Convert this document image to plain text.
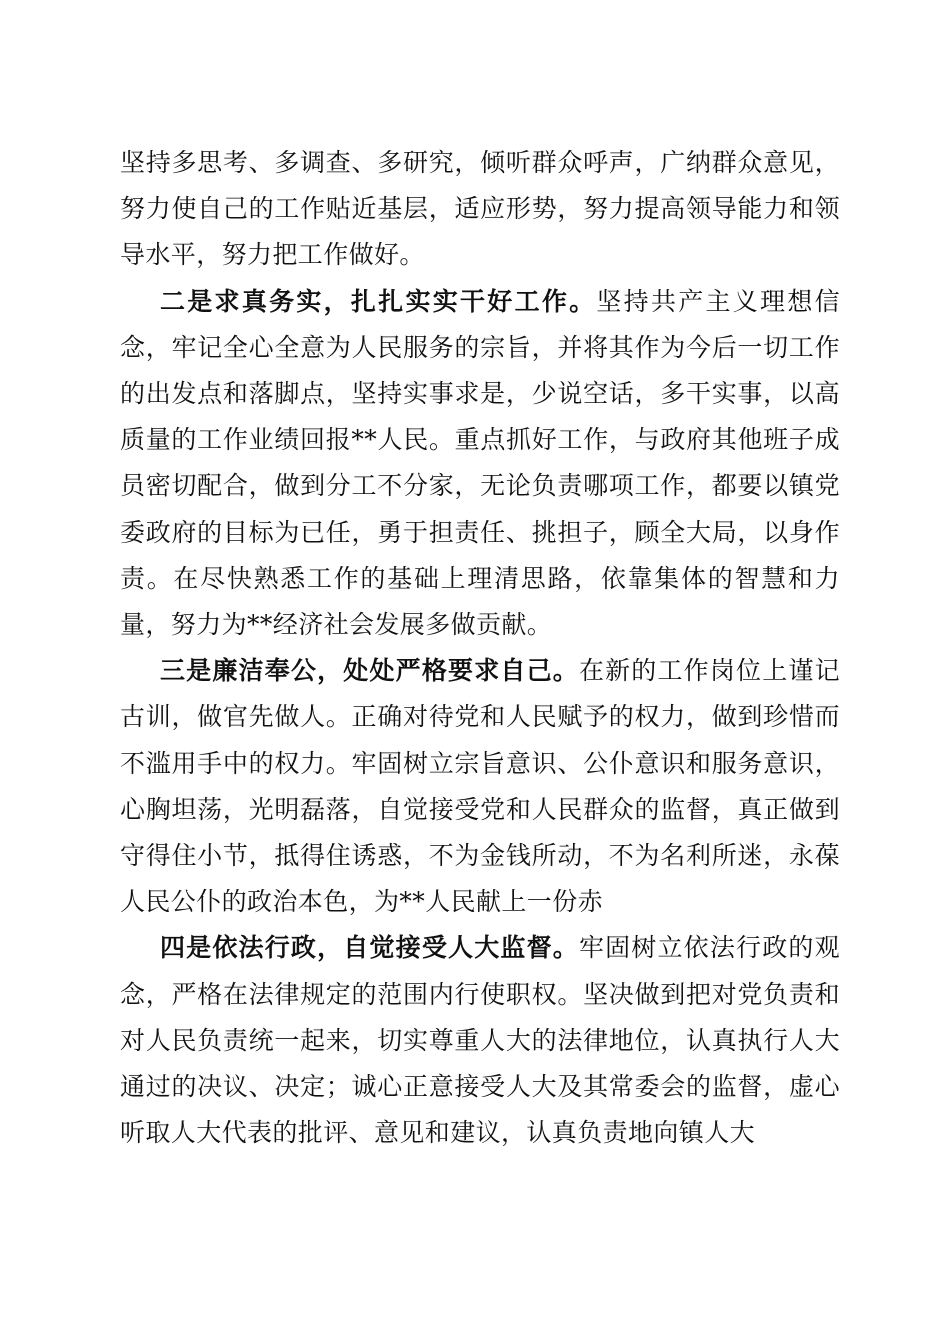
坚持多思考、多调查、多研究，倾听群众呼声，广纳群众意见，努力使自己的工作贴近基层，适应形势，努力提高领导能力和领导水平，努力把工作做好。

二是求真务实，扎扎实实干好工作。坚持共产主义理想信念，牢记全心全意为人民服务的宗旨，并将其作为今后一切工作的出发点和落脚点，坚持实事求是，少说空话，多干实事，以高质量的工作业绩回报**人民。重点抓好工作，与政府其他班子成员密切配合，做到分工不分家，无论负责哪项工作，都要以镇党委政府的目标为已任，勇于担责任、挑担子，顾全大局，以身作责。在尽快熟悉工作的基础上理清思路，依靠集体的智慧和力量，努力为**经济社会发展多做贡献。

三是廉洁奉公，处处严格要求自己。在新的工作岗位上谨记古训，做官先做人。正确对待党和人民赋予的权力，做到珍惜而不滥用手中的权力。牢固树立宗旨意识、公仆意识和服务意识，心胸坦荡，光明磊落，自觉接受党和人民群众的监督，真正做到守得住小节，抵得住诱惑，不为金钱所动，不为名利所迷，永葆人民公仆的政治本色，为**人民献上一份赤

四是依法行政，自觉接受人大监督。牢固树立依法行政的观念，严格在法律规定的范围内行使职权。坚决做到把对党负责和对人民负责统一起来，切实尊重人大的法律地位，认真执行人大通过的决议、决定；诚心正意接受人大及其常委会的监督，虚心听取人大代表的批评、意见和建议，认真负责地向镇人大
